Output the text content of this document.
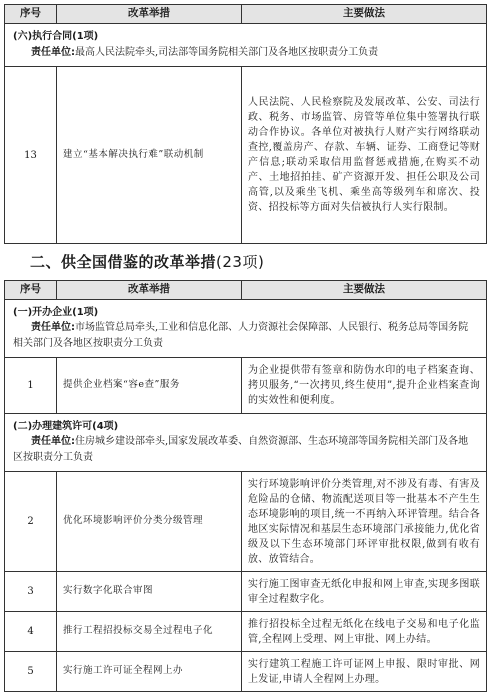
序号	改革举措	主要做法

(六)执行合同(1项)
责任单位:最高人民法院牵头,司法部等国务院相关部门及各地区按职责分工负责		

13	建立“基本解决执行难”联动机制	人民法院、人民检察院及发展改革、公安、司法行政、税务、市场监管、房管等单位集中签署执行联动合作协议。各单位对被执行人财产实行网络联动查控,覆盖房产、存款、车辆、证券、工商登记等财产信息;联动采取信用监督惩戒措施,在购买不动产、土地招拍挂、矿产资源开发、担任公职及公司高管,以及乘坐飞机、乘坐高等级列车和席次、投资、招投标等方面对失信被执行人实行限制。
二、供全国借鉴的改革举措(23项)
序号	改革举措	主要做法

(一)开办企业(1项)
责任单位:市场监管总局牵头,工业和信息化部、人力资源社会保障部、人民银行、税务总局等国务院相关部门及各地区按职责分工负责		

1	提供企业档案“容e查”服务	为企业提供带有签章和防伪水印的电子档案查询、拷贝服务,“一次拷贝,终生使用”,提升企业档案查询的实效性和便利度。

(二)办理建筑许可(4项)
责任单位:住房城乡建设部牵头,国家发展改革委、自然资源部、生态环境部等国务院相关部门及各地区按职责分工负责		

2	优化环境影响评价分类分级管理	实行环境影响评价分类管理,对不涉及有毒、有害及危险品的仓储、物流配送项目等一批基本不产生生态环境影响的项目,统一不再纳入环评管理。结合各地区实际情况和基层生态环境部门承接能力,优化省级及以下生态环境部门环评审批权限,做到有收有放、放管结合。
3	实行数字化联合审图	实行施工图审查无纸化申报和网上审查,实现多图联审全过程数字化。
4	推行工程招投标交易全过程电子化	推行招投标全过程无纸化在线电子交易和电子化监管,全程网上受理、网上审批、网上办结。
5	实行施工许可证全程网上办	实行建筑工程施工许可证网上申报、限时审批、网上发证,申请人全程网上办理。
